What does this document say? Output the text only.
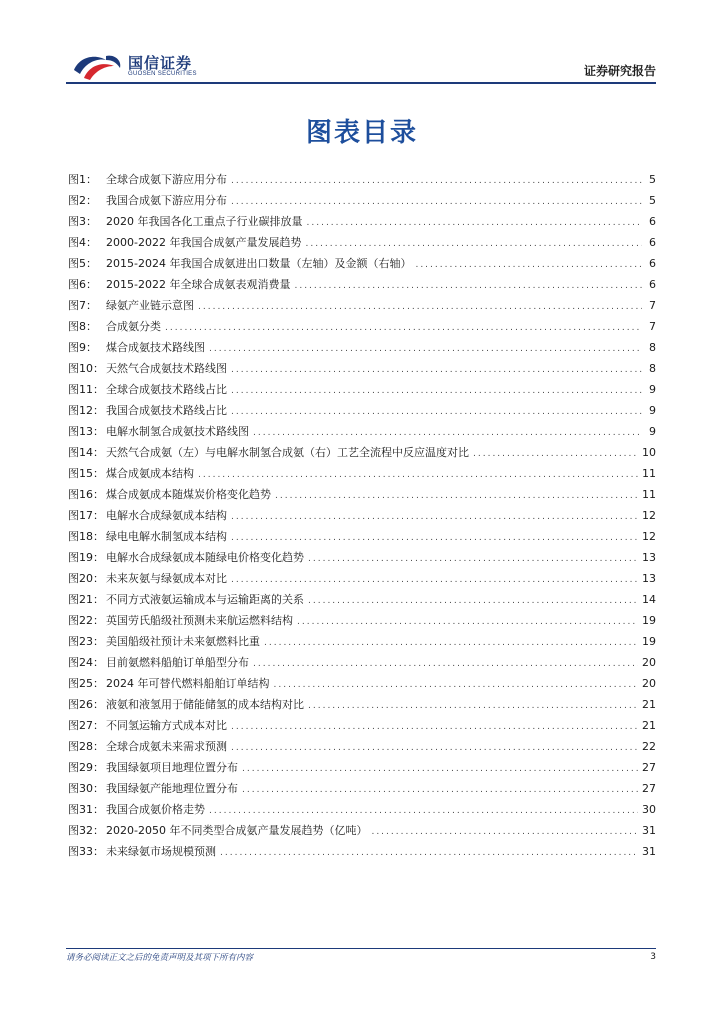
国信证券
GUOSEN SECURITIES	证券研究报告
图表目录
图1： 全球合成氨下游应用分布 .....	5
图2： 我国合成氨下游应用分布 .....	5
图3： 2020 年我国各化工重点子行业碳排放量 .....	6
图4： 2000-2022 年我国合成氨产量发展趋势 .....	6
图5： 2015-2024 年我国合成氨进出口数量（左轴）及金额（右轴） .....	6
图6： 2015-2022 年全球合成氨表观消费量 .....	6
图7： 绿氨产业链示意图 .....	7
图8： 合成氨分类 .....	7
图9： 煤合成氨技术路线图 .....	8
图10： 天然气合成氨技术路线图 .....	8
图11： 全球合成氨技术路线占比 .....	9
图12： 我国合成氨技术路线占比 .....	9
图13： 电解水制氢合成氨技术路线图 .....	9
图14： 天然气合成氨（左）与电解水制氢合成氨（右）工艺全流程中反应温度对比 .....	10
图15： 煤合成氨成本结构 .....	11
图16： 煤合成氨成本随煤炭价格变化趋势 .....	11
图17： 电解水合成绿氨成本结构 .....	12
图18： 绿电电解水制氢成本结构 .....	12
图19： 电解水合成绿氨成本随绿电价格变化趋势 .....	13
图20： 未来灰氨与绿氨成本对比 .....	13
图21： 不同方式液氨运输成本与运输距离的关系 .....	14
图22： 英国劳氏船级社预测未来航运燃料结构 .....	19
图23： 美国船级社预计未来氨燃料比重 .....	19
图24： 目前氨燃料船舶订单船型分布 .....	20
图25： 2024 年可替代燃料船舶订单结构 .....	20
图26： 液氨和液氢用于储能储氢的成本结构对比 .....	21
图27： 不同氢运输方式成本对比 .....	21
图28： 全球合成氨未来需求预测 .....	22
图29： 我国绿氨项目地理位置分布 .....	27
图30： 我国绿氨产能地理位置分布 .....	27
图31： 我国合成氨价格走势 .....	30
图32： 2020-2050 年不同类型合成氨产量发展趋势（亿吨） .....	31
图33： 未来绿氨市场规模预测 .....	31
请务必阅读正文之后的免责声明及其项下所有内容	3
